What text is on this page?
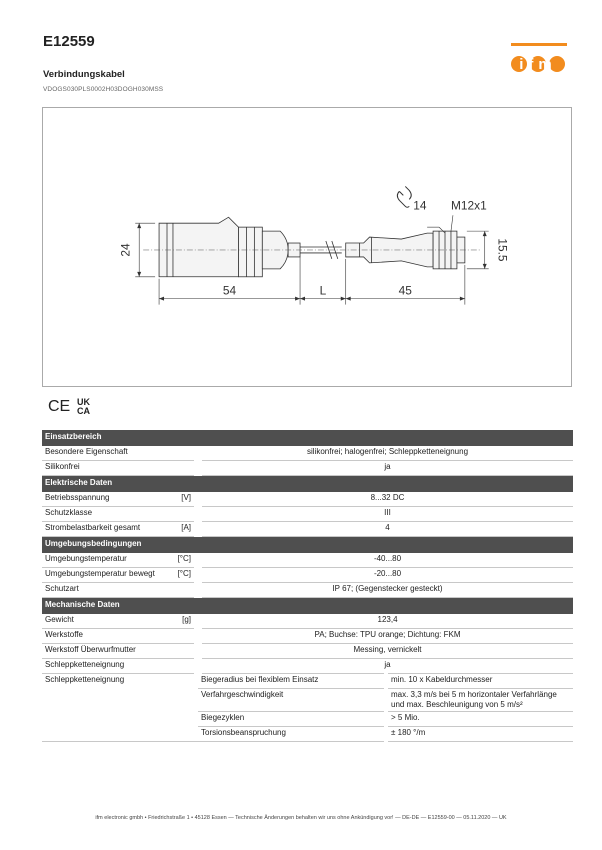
E12559
Verbindungskabel
VDOGS030PLS0002H03DOGH030MSS
ifm
24
54	L	45
14 M12x1
15.5
CE UK
CA
Einsatzbereich			
Besondere Eigenschaft		silikonfrei; halogenfrei; Schleppketteneignung	
Silikonfrei		ja	
Elektrische Daten			
Betriebsspannung	[V]	8...32 DC	
Schutzklasse		III	
Strombelastbarkeit gesamt	[A]	4	
Umgebungsbedingungen			
Umgebungstemperatur	[°C]	-40...80	
Umgebungstemperatur bewegt	[°C]	-20...80	
Schutzart		IP 67; (Gegenstecker gesteckt)	
Mechanische Daten			
Gewicht	[g]	123,4	
Werkstoffe		PA; Buchse: TPU orange; Dichtung: FKM	
Werkstoff Überwurfmutter		Messing, vernickelt	
Schleppketteneignung		ja	
Schleppketteneignung		Biegeradius bei flexiblem Einsatz	min. 10 x Kabeldurchmesser
		Verfahrgeschwindigkeit	max. 3,3 m/s bei 5 m horizontaler Verfahrlänge und max. Beschleunigung von 5 m/s²
		Biegezyklen	> 5 Mio.
		Torsionsbeanspruchung	± 180 °/m
ifm electronic gmbh • Friedrichstraße 1 • 45128 Essen — Technische Änderungen behalten wir uns ohne Ankündigung vor! — DE-DE — E12559-00 — 05.11.2020 — UK
